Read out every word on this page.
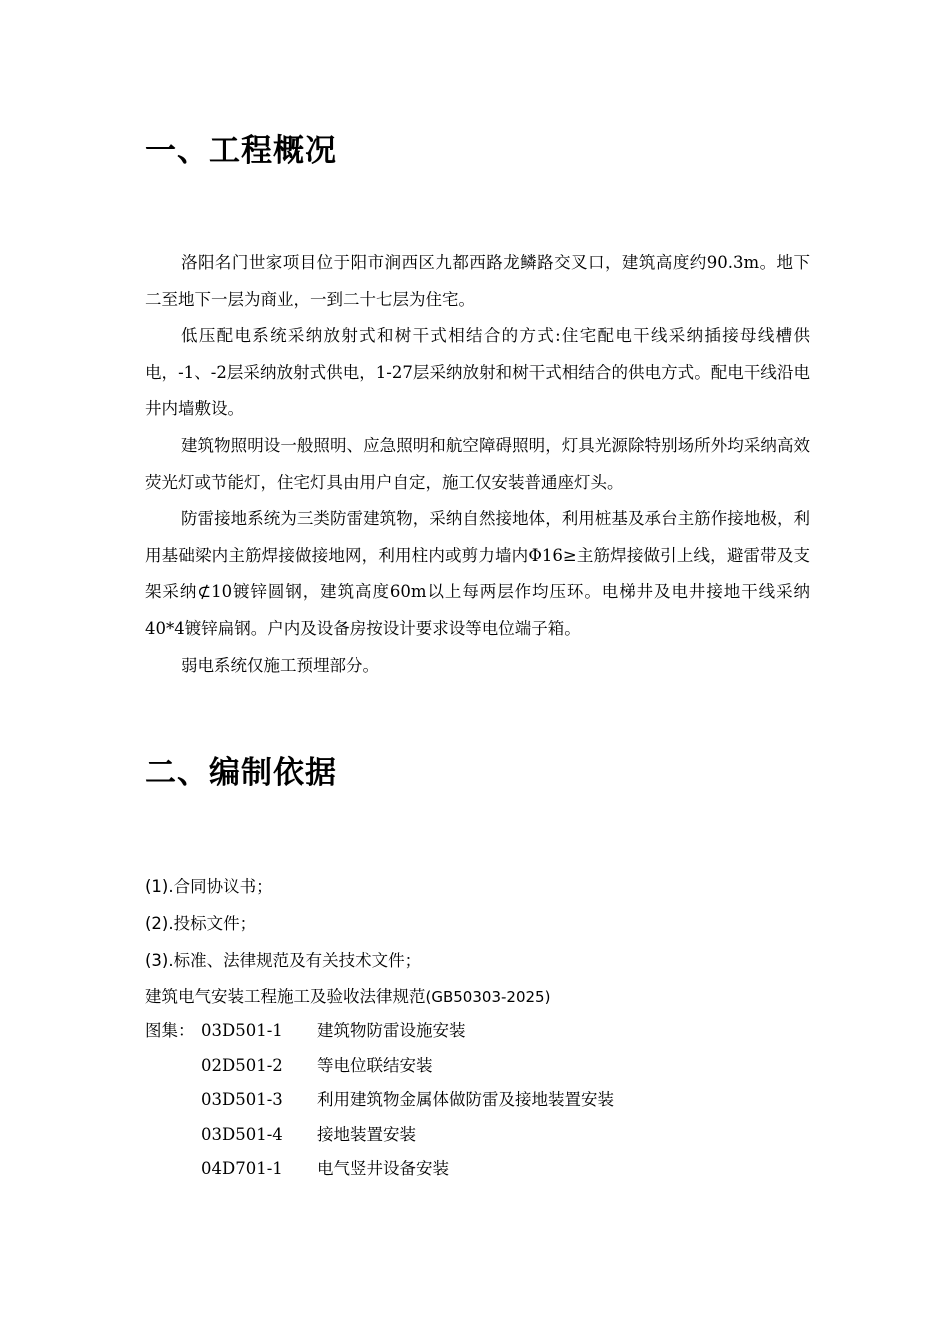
一、工程概况

洛阳名门世家项目位于阳市涧西区九都西路龙鳞路交叉口，建筑高度约90.3m。地下二至地下一层为商业，一到二十七层为住宅。

低压配电系统采纳放射式和树干式相结合的方式:住宅配电干线采纳插接母线槽供电，-1、-2层采纳放射式供电，1-27层采纳放射和树干式相结合的供电方式。配电干线沿电井内墙敷设。

建筑物照明设一般照明、应急照明和航空障碍照明，灯具光源除特别场所外均采纳高效荧光灯或节能灯，住宅灯具由用户自定，施工仅安装普通座灯头。

防雷接地系统为三类防雷建筑物，采纳自然接地体，利用桩基及承台主筋作接地极，利用基础梁内主筋焊接做接地网，利用柱内或剪力墙内Φ16≥主筋焊接做引上线，避雷带及支架采纳⊄10镀锌圆钢，建筑高度60m以上每两层作均压环。电梯井及电井接地干线采纳40*4镀锌扁钢。户内及设备房按设计要求设等电位端子箱。

弱电系统仅施工预埋部分。

二、编制依据
(1).合同协议书；
(2).投标文件；
(3).标准、法律规范及有关技术文件；
建筑电气安装工程施工及验收法律规范(GB50303-2025)
图集： 03D501-1 建筑物防雷设施安装
02D501-2 等电位联结安装
03D501-3 利用建筑物金属体做防雷及接地装置安装
03D501-4 接地装置安装
04D701-1 电气竖井设备安装
